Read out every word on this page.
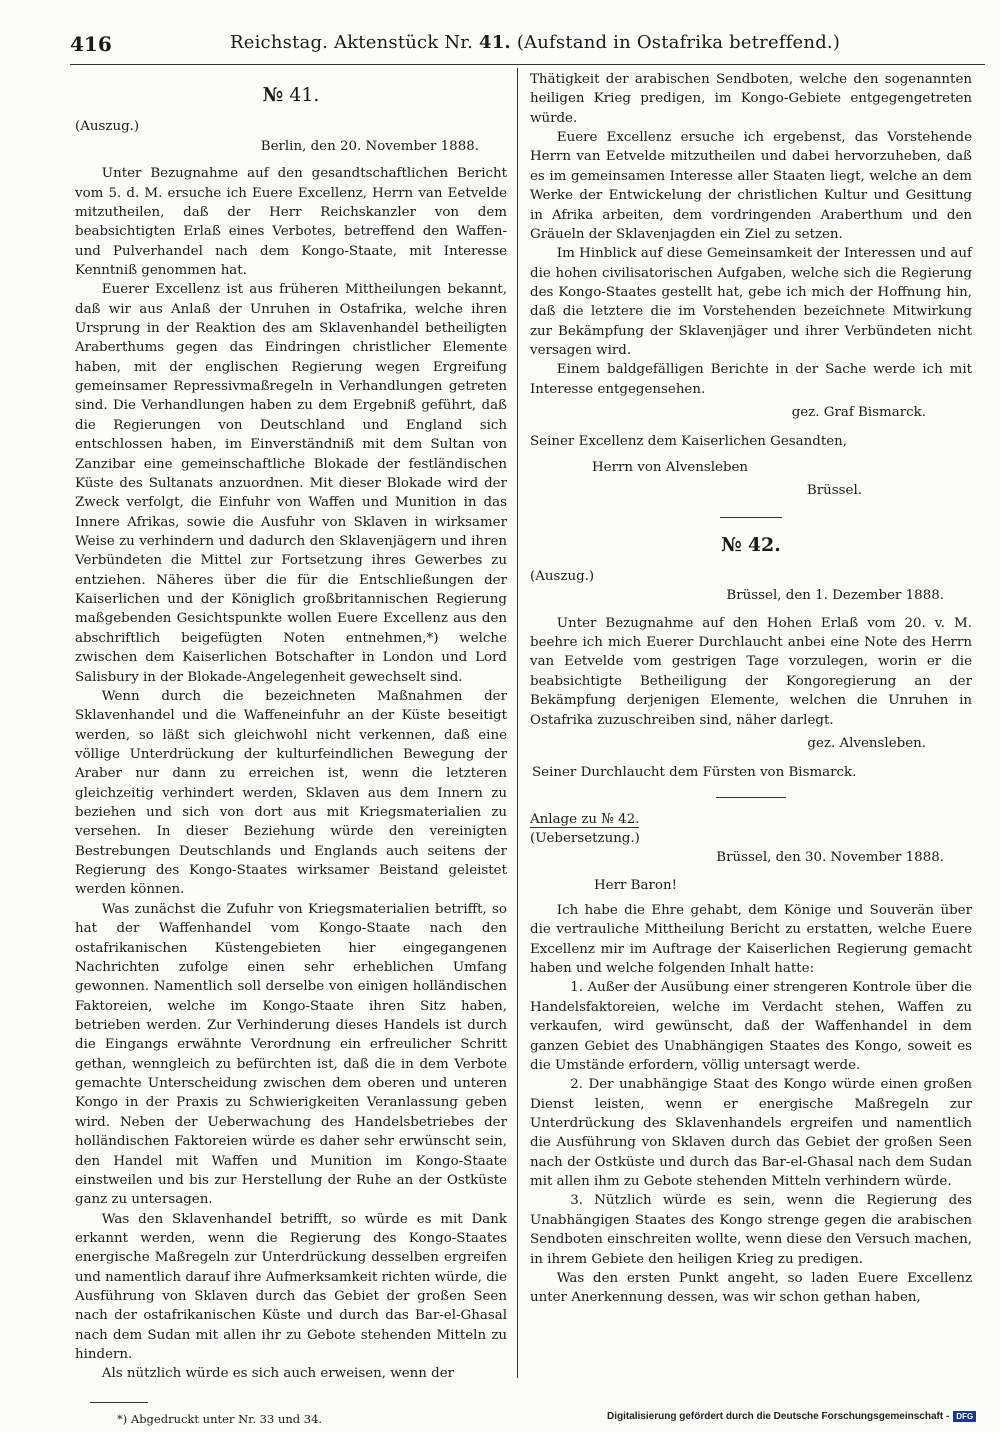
416	Reichstag. Aktenstück Nr. 41. (Aufstand in Ostafrika betreffend.)

№ 41.

(Auszug.)

Berlin, den 20. November 1888.

Unter Bezugnahme auf den gesandtschaftlichen Bericht vom 5. d. M. ersuche ich Euere Excellenz, Herrn van Eetvelde mitzutheilen, daß der Herr Reichskanzler von dem beabsichtigten Erlaß eines Verbotes, betreffend den Waffen- und Pulverhandel nach dem Kongo-Staate, mit Interesse Kenntniß genommen hat.

Euerer Excellenz ist aus früheren Mittheilungen bekannt, daß wir aus Anlaß der Unruhen in Ostafrika, welche ihren Ursprung in der Reaktion des am Sklavenhandel betheiligten Araberthums gegen das Eindringen christlicher Elemente haben, mit der englischen Regierung wegen Ergreifung gemeinsamer Repressivmaßregeln in Verhandlungen getreten sind. Die Verhandlungen haben zu dem Ergebniß geführt, daß die Regierungen von Deutschland und England sich entschlossen haben, im Einverständniß mit dem Sultan von Zanzibar eine gemeinschaftliche Blokade der festländischen Küste des Sultanats anzuordnen. Mit dieser Blokade wird der Zweck verfolgt, die Einfuhr von Waffen und Munition in das Innere Afrikas, sowie die Ausfuhr von Sklaven in wirksamer Weise zu verhindern und dadurch den Sklavenjägern und ihren Verbündeten die Mittel zur Fortsetzung ihres Gewerbes zu entziehen. Näheres über die für die Entschließungen der Kaiserlichen und der Königlich großbritannischen Regierung maßgebenden Gesichtspunkte wollen Euere Excellenz aus den abschriftlich beigefügten Noten entnehmen,*) welche zwischen dem Kaiserlichen Botschafter in London und Lord Salisbury in der Blokade-Angelegenheit gewechselt sind.

Wenn durch die bezeichneten Maßnahmen der Sklavenhandel und die Waffeneinfuhr an der Küste beseitigt werden, so läßt sich gleichwohl nicht verkennen, daß eine völlige Unterdrückung der kulturfeindlichen Bewegung der Araber nur dann zu erreichen ist, wenn die letzteren gleichzeitig verhindert werden, Sklaven aus dem Innern zu beziehen und sich von dort aus mit Kriegsmaterialien zu versehen. In dieser Beziehung würde den vereinigten Bestrebungen Deutschlands und Englands auch seitens der Regierung des Kongo-Staates wirksamer Beistand geleistet werden können.

Was zunächst die Zufuhr von Kriegsmaterialien betrifft, so hat der Waffenhandel vom Kongo-Staate nach den ostafrikanischen Küstengebieten hier eingegangenen Nachrichten zufolge einen sehr erheblichen Umfang gewonnen. Namentlich soll derselbe von einigen holländischen Faktoreien, welche im Kongo-Staate ihren Sitz haben, betrieben werden. Zur Verhinderung dieses Handels ist durch die Eingangs erwähnte Verordnung ein erfreulicher Schritt gethan, wenngleich zu befürchten ist, daß die in dem Verbote gemachte Unterscheidung zwischen dem oberen und unteren Kongo in der Praxis zu Schwierigkeiten Veranlassung geben wird. Neben der Ueberwachung des Handelsbetriebes der holländischen Faktoreien würde es daher sehr erwünscht sein, den Handel mit Waffen und Munition im Kongo-Staate einstweilen und bis zur Herstellung der Ruhe an der Ostküste ganz zu untersagen.

Was den Sklavenhandel betrifft, so würde es mit Dank erkannt werden, wenn die Regierung des Kongo-Staates energische Maßregeln zur Unterdrückung desselben ergreifen und namentlich darauf ihre Aufmerksamkeit richten würde, die Ausführung von Sklaven durch das Gebiet der großen Seen nach der ostafrikanischen Küste und durch das Bar-el-Ghasal nach dem Sudan mit allen ihr zu Gebote stehenden Mitteln zu hindern.

Als nützlich würde es sich auch erweisen, wenn der

*) Abgedruckt unter Nr. 33 und 34.

Thätigkeit der arabischen Sendboten, welche den sogenannten heiligen Krieg predigen, im Kongo-Gebiete entgegengetreten würde.

Euere Excellenz ersuche ich ergebenst, das Vorstehende Herrn van Eetvelde mitzutheilen und dabei hervorzuheben, daß es im gemeinsamen Interesse aller Staaten liegt, welche an dem Werke der Entwickelung der christlichen Kultur und Gesittung in Afrika arbeiten, dem vordringenden Araberthum und den Gräueln der Sklavenjagden ein Ziel zu setzen.

Im Hinblick auf diese Gemeinsamkeit der Interessen und auf die hohen civilisatorischen Aufgaben, welche sich die Regierung des Kongo-Staates gestellt hat, gebe ich mich der Hoffnung hin, daß die letztere die im Vorstehenden bezeichnete Mitwirkung zur Bekämpfung der Sklavenjäger und ihrer Verbündeten nicht versagen wird.

Einem baldgefälligen Berichte in der Sache werde ich mit Interesse entgegensehen.

gez. Graf Bismarck.

Seiner Excellenz dem Kaiserlichen Gesandten,

Herrn von Alvensleben

Brüssel.

№ 42.

(Auszug.)

Brüssel, den 1. Dezember 1888.

Unter Bezugnahme auf den Hohen Erlaß vom 20. v. M. beehre ich mich Euerer Durchlaucht anbei eine Note des Herrn van Eetvelde vom gestrigen Tage vorzulegen, worin er die beabsichtigte Betheiligung der Kongoregierung an der Bekämpfung derjenigen Elemente, welchen die Unruhen in Ostafrika zuzuschreiben sind, näher darlegt.

gez. Alvensleben.

Seiner Durchlaucht dem Fürsten von Bismarck.

Anlage zu № 42.

(Uebersetzung.)

Brüssel, den 30. November 1888.

Herr Baron!

Ich habe die Ehre gehabt, dem Könige und Souverän über die vertrauliche Mittheilung Bericht zu erstatten, welche Euere Excellenz mir im Auftrage der Kaiserlichen Regierung gemacht haben und welche folgenden Inhalt hatte:

1. Außer der Ausübung einer strengeren Kontrole über die Handelsfaktoreien, welche im Verdacht stehen, Waffen zu verkaufen, wird gewünscht, daß der Waffenhandel in dem ganzen Gebiet des Unabhängigen Staates des Kongo, soweit es die Umstände erfordern, völlig untersagt werde.

2. Der unabhängige Staat des Kongo würde einen großen Dienst leisten, wenn er energische Maßregeln zur Unterdrückung des Sklavenhandels ergreifen und namentlich die Ausführung von Sklaven durch das Gebiet der großen Seen nach der Ostküste und durch das Bar-el-Ghasal nach dem Sudan mit allen ihm zu Gebote stehenden Mitteln verhindern würde.

3. Nützlich würde es sein, wenn die Regierung des Unabhängigen Staates des Kongo strenge gegen die arabischen Sendboten einschreiten wollte, wenn diese den Versuch machen, in ihrem Gebiete den heiligen Krieg zu predigen.

Was den ersten Punkt angeht, so laden Euere Excellenz unter Anerkennung dessen, was wir schon gethan haben,

Digitalisierung gefördert durch die Deutsche Forschungsgemeinschaft - DFG
